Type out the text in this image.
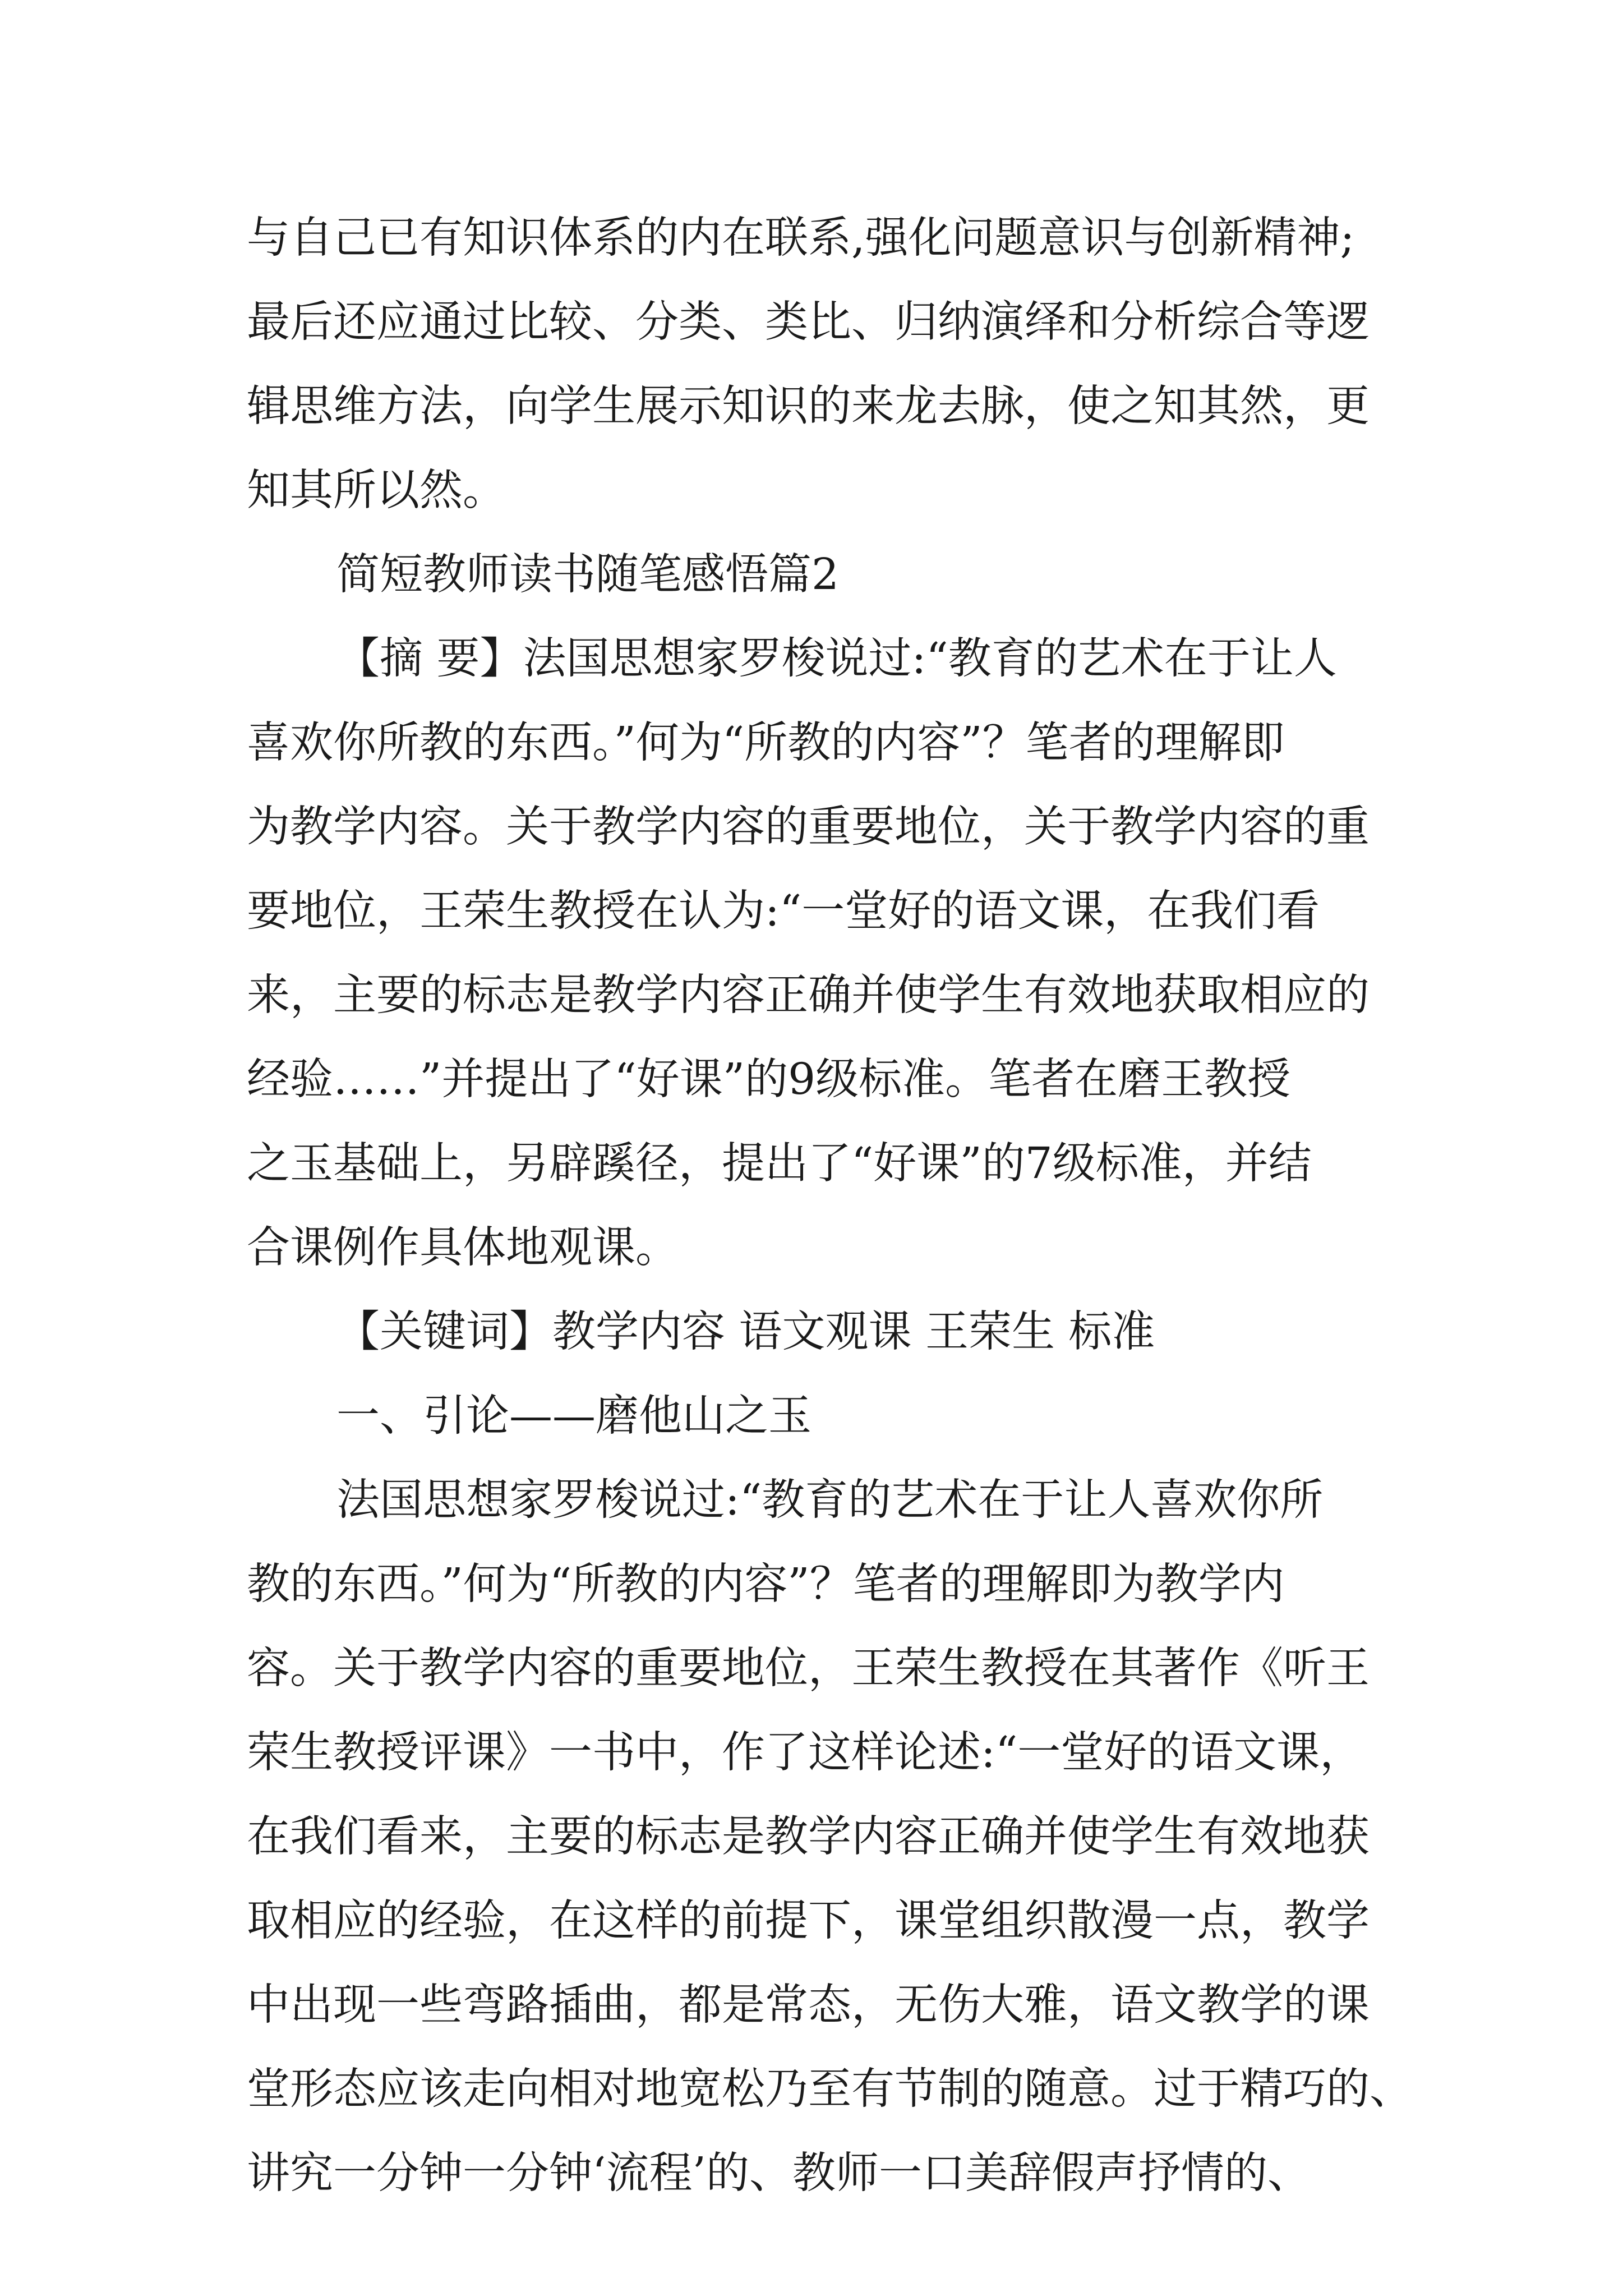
与自己已有知识体系的内在联系,强化问题意识与创新精神;
最后还应通过比较、分类、类比、归纳演绎和分析综合等逻
辑思维方法，向学生展示知识的来龙去脉，使之知其然，更
知其所以然。

简短教师读书随笔感悟篇2

【摘 要】法国思想家罗梭说过:“教育的艺术在于让人
喜欢你所教的东西。”何为“所教的内容”？笔者的理解即
为教学内容。关于教学内容的重要地位，关于教学内容的重
要地位，王荣生教授在认为:“一堂好的语文课，在我们看
来，主要的标志是教学内容正确并使学生有效地获取相应的
经验……”并提出了“好课”的9级标准。笔者在磨王教授
之玉基础上，另辟蹊径，提出了“好课”的7级标准，并结
合课例作具体地观课。

【关键词】教学内容 语文观课 王荣生 标准

一、引论——磨他山之玉

法国思想家罗梭说过:“教育的艺术在于让人喜欢你所
教的东西。”何为“所教的内容”？笔者的理解即为教学内
容。关于教学内容的重要地位，王荣生教授在其著作《听王
荣生教授评课》一书中，作了这样论述:“一堂好的语文课，
在我们看来，主要的标志是教学内容正确并使学生有效地获
取相应的经验，在这样的前提下，课堂组织散漫一点，教学
中出现一些弯路插曲，都是常态，无伤大雅，语文教学的课
堂形态应该走向相对地宽松乃至有节制的随意。过于精巧的、
讲究一分钟一分钟‘流程’的、教师一口美辞假声抒情的、
